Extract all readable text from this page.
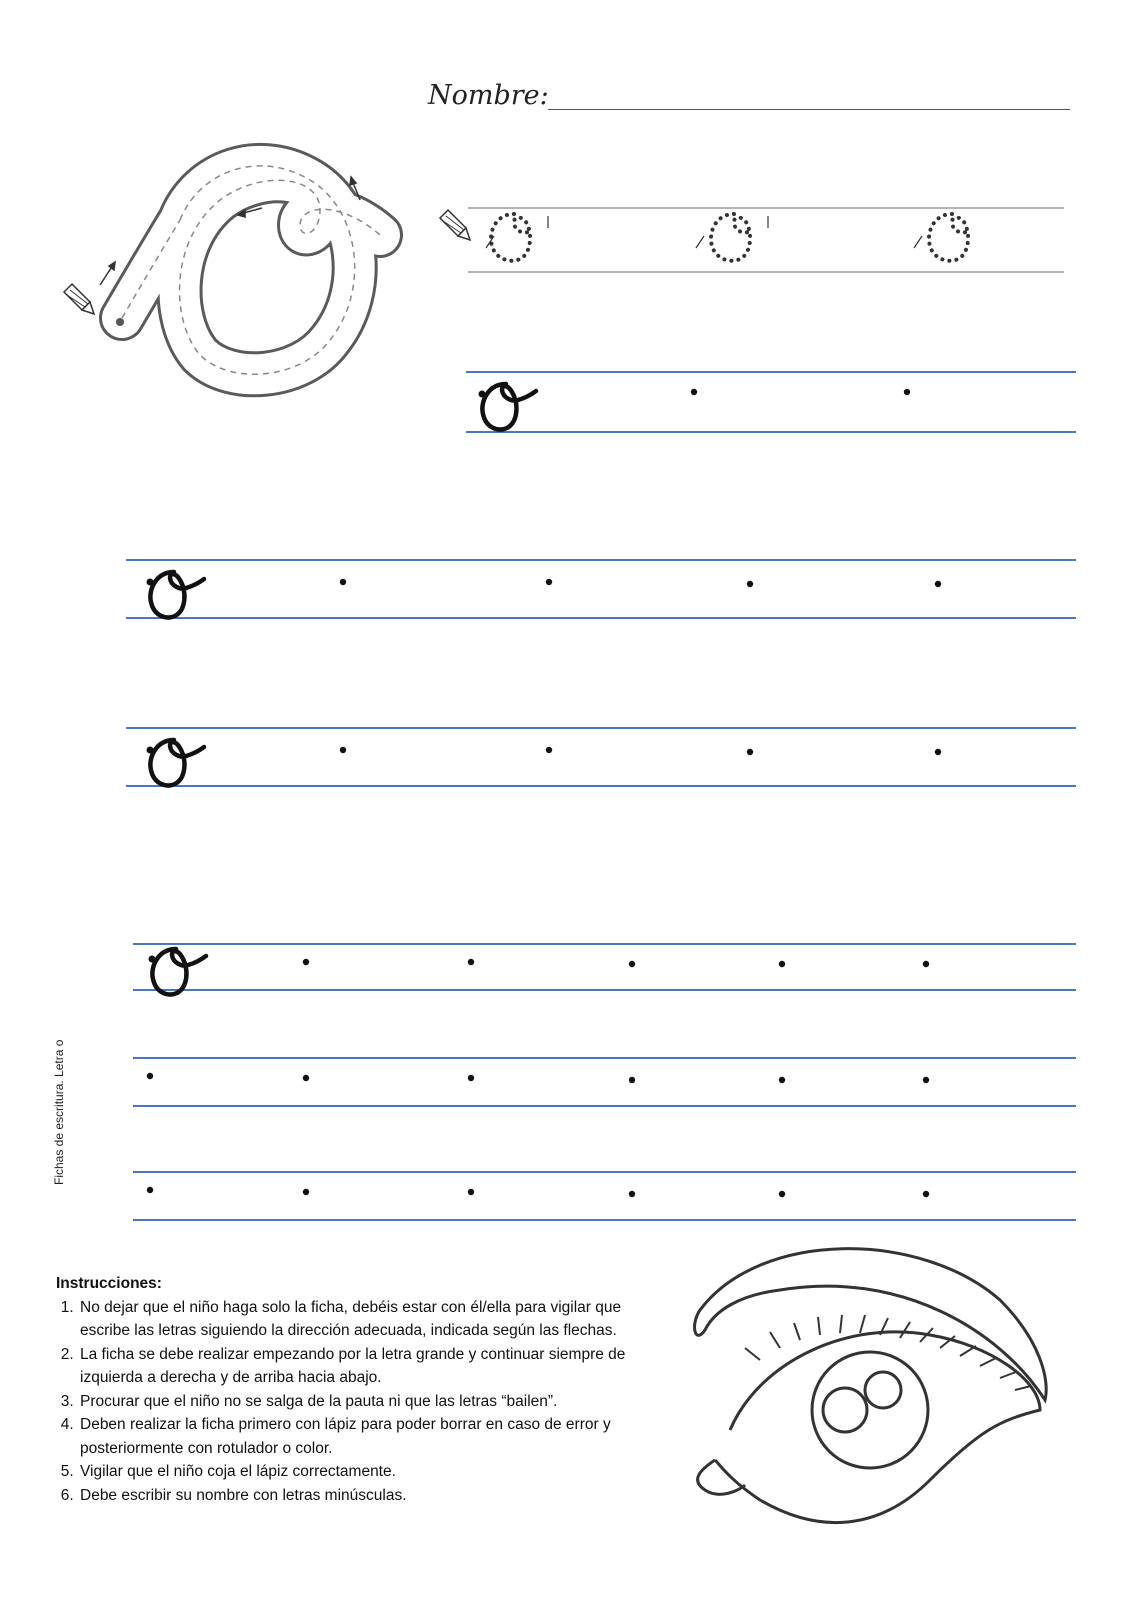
Nombre:
Fichas de escritura. Letra o
Instrucciones:
1. No dejar que el niño haga solo la ficha, debéis estar con él/ella para vigilar que escribe las letras siguiendo la dirección adecuada, indicada según las flechas.
2. La ficha se debe realizar empezando por la letra grande y continuar siempre de izquierda a derecha y de arriba hacia abajo.
3. Procurar que el niño no se salga de la pauta ni que las letras “bailen”.
4. Deben realizar la ficha primero con lápiz para poder borrar en caso de error y posteriormente con rotulador o color.
5. Vigilar que el niño coja el lápiz correctamente.
6. Debe escribir su nombre con letras minúsculas.
